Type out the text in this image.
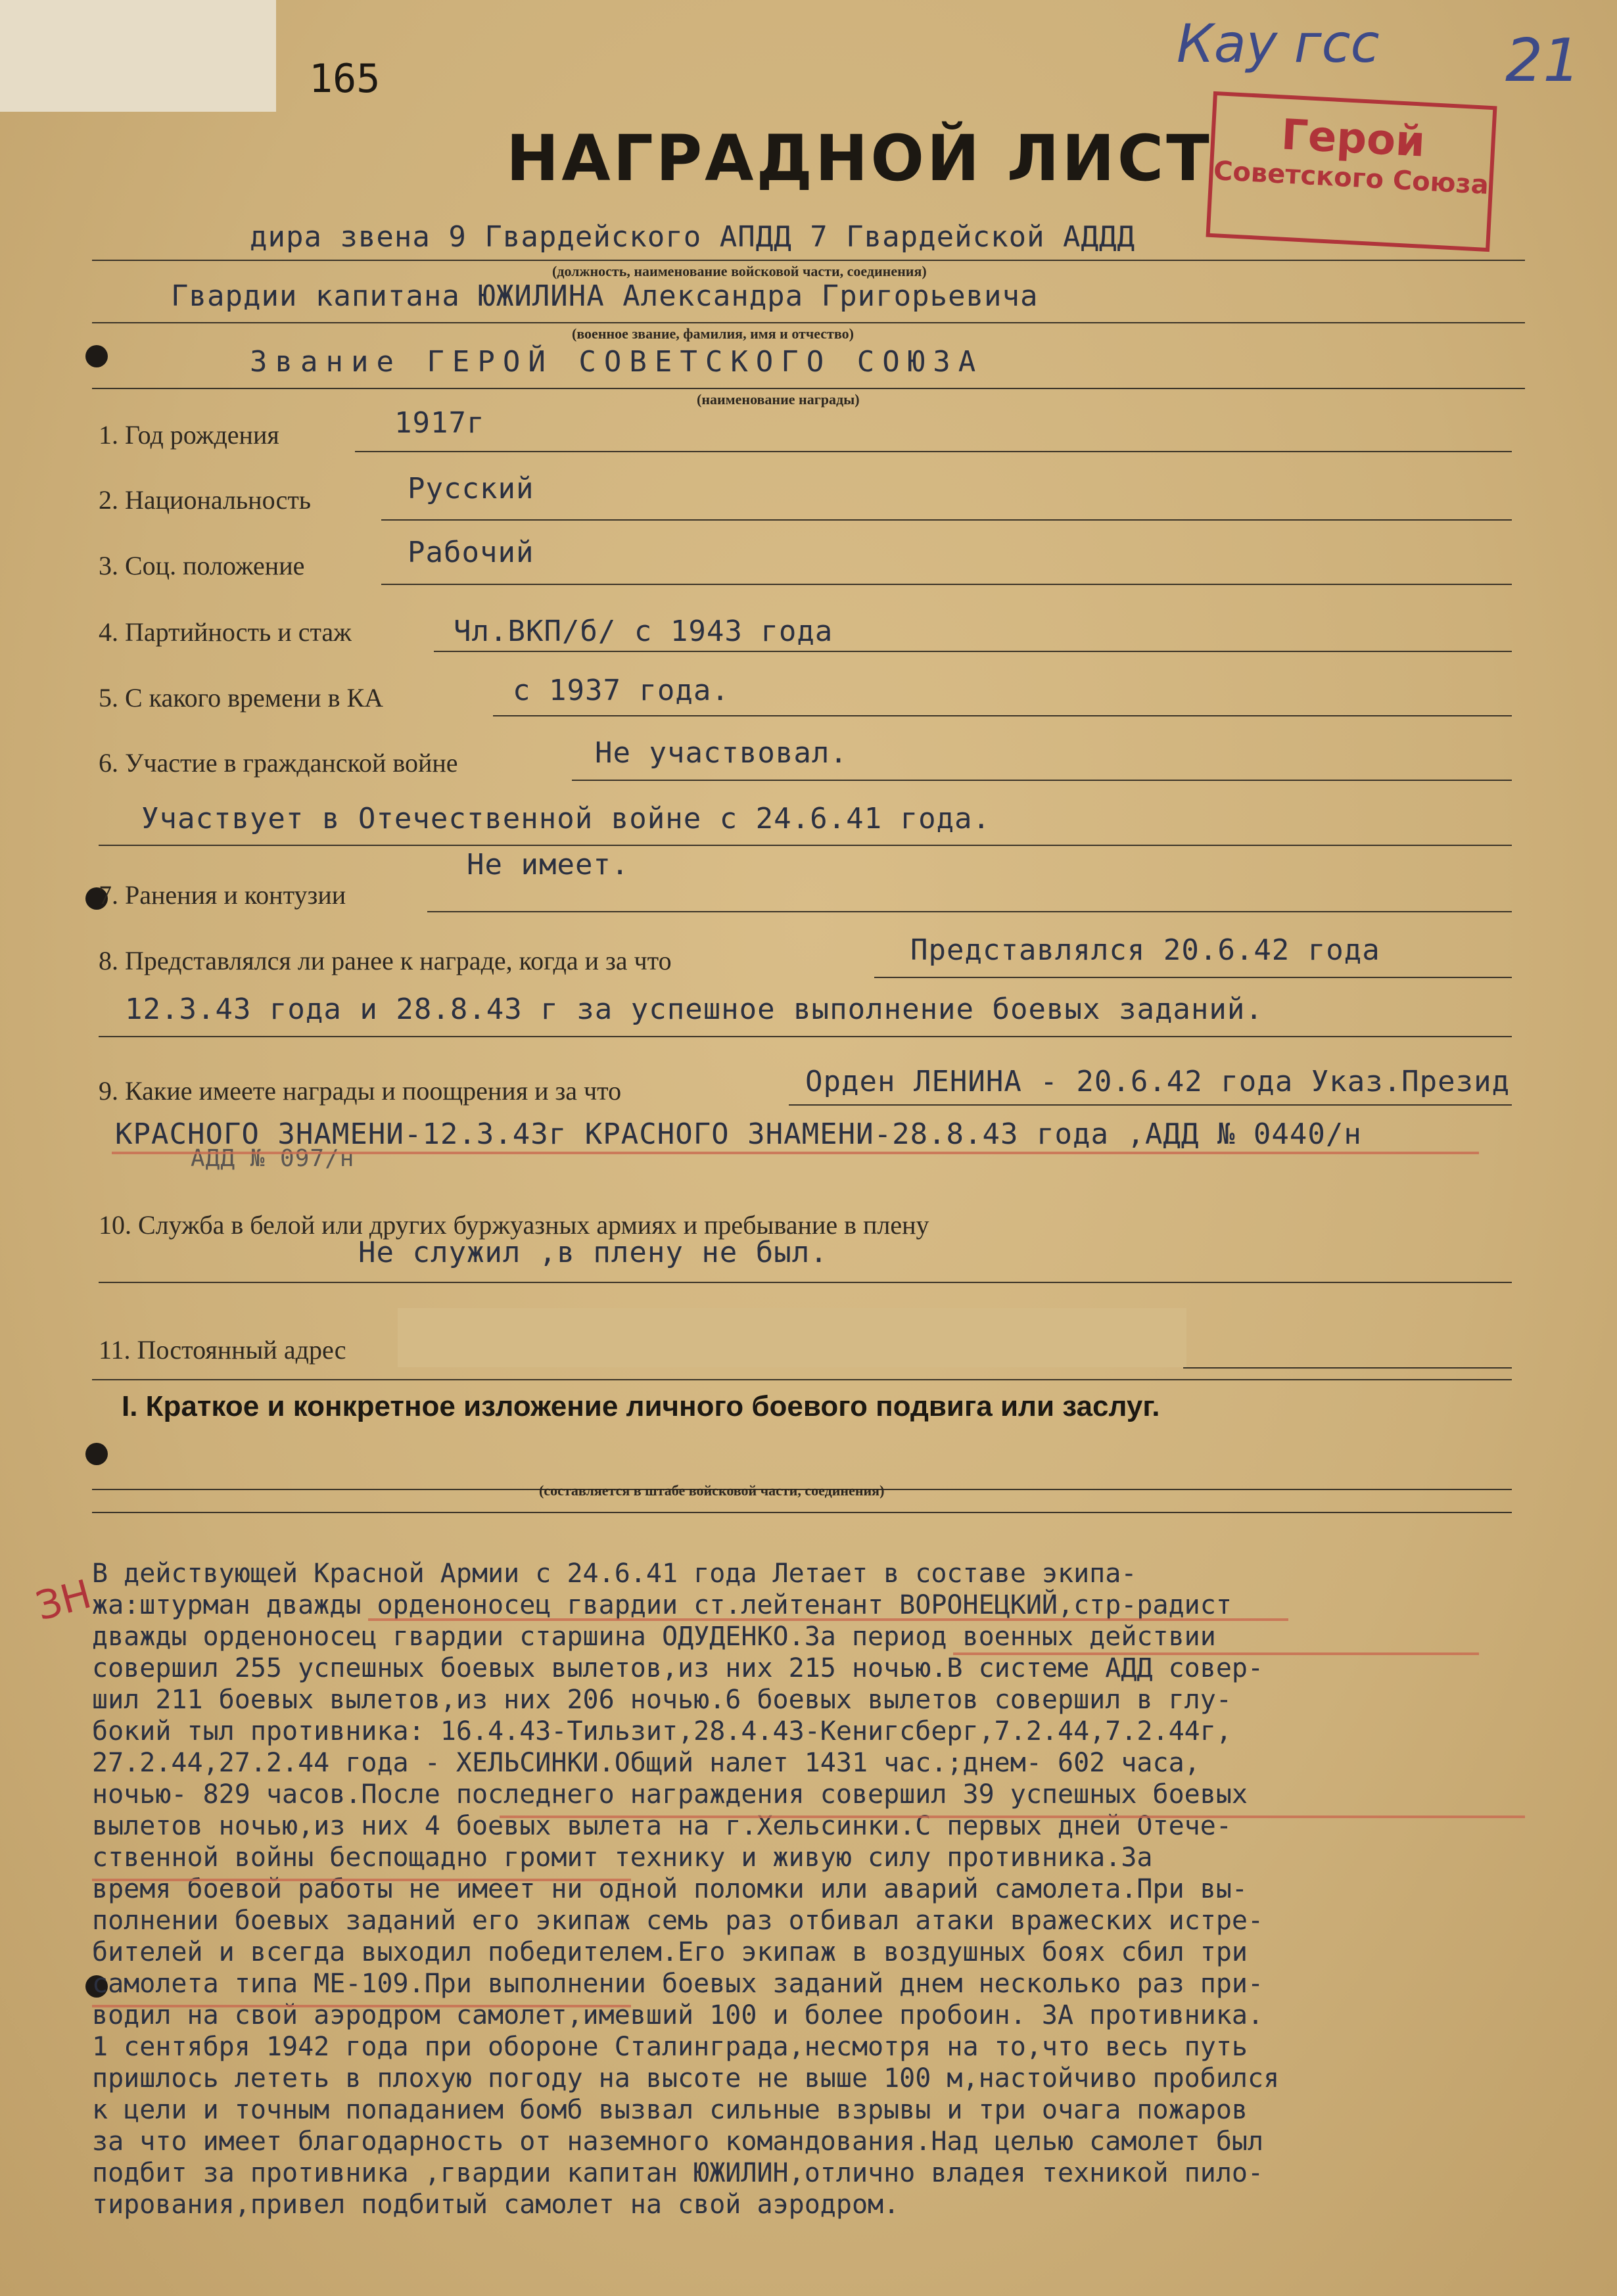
165
НАГРАДНОЙ ЛИСТ
Кау гсс 21
Герой
Советского Союза
дира звена 9 Гвардейского АПДД 7 Гвардейской АДДД
(должность, наименование войсковой части, соединения)
Гвардии капитана ЮЖИЛИНА Александра Григорьевича
(военное звание, фамилия, имя и отчество)
Звание ГЕРОЙ СОВЕТСКОГО СОЮЗА
(наименование награды)
1. Год рождения	1917г
2. Национальность	Русский
3. Соц. положение	Рабочий
4. Партийность и стаж	Чл.ВКП/б/ с 1943 года
5. С какого времени в КА	с 1937 года.
6. Участие в гражданской войне	Не участвовал.
Участвует в Отечественной войне с 24.6.41 года.
7. Ранения и контузии
Не имеет.
8. Представлялся ли ранее к награде, когда и за что	Представлялся 20.6.42 года
12.3.43 года и 28.8.43 г за успешное выполнение боевых заданий.
9. Какие имеете награды и поощрения и за что	Орден ЛЕНИНА - 20.6.42 года Указ.Презид
КРАСНОГО ЗНАМЕНИ-12.3.43г КРАСНОГО ЗНАМЕНИ-28.8.43 года ,АДД № 0440/н
АДД № 097/н
10. Служба в белой или других буржуазных армиях и пребывание в плену
Не служил ,в плену не был.
11. Постоянный адрес
I. Краткое и конкретное изложение личного боевого подвига или заслуг.
(составляется в штабе войсковой части, соединения)
ЗН
В действующей Красной Армии с 24.6.41 года Летает в составе экипа-
жа:штурман дважды орденоносец гвардии ст.лейтенант ВОРОНЕЦКИЙ,стр-радист
дважды орденоносец гвардии старшина ОДУДЕНКО.За период военных действии
совершил 255 успешных боевых вылетов,из них 215 ночью.В системе АДД совер-
шил 211 боевых вылетов,из них 206 ночью.6 боевых вылетов совершил в глу-
бокий тыл противника: 16.4.43-Тильзит,28.4.43-Кенигсберг,7.2.44,7.2.44г,
27.2.44,27.2.44 года - ХЕЛЬСИНКИ.Общий налет 1431 час.;днем- 602 часа,
ночью- 829 часов.После последнего награждения совершил 39 успешных боевых
вылетов ночью,из них 4 боевых вылета на г.Хельсинки.С первых дней Отече-
ственной войны беспощадно громит технику и живую силу противника.За
время боевой работы не имеет ни одной поломки или аварий самолета.При вы-
полнении боевых заданий его экипаж семь раз отбивал атаки вражеских истре-
бителей и всегда выходил победителем.Его экипаж в воздушных боях сбил три
самолета типа МЕ-109.При выполнении боевых заданий днем несколько раз при-
водил на свой аэродром самолет,имевший 100 и более пробоин. ЗА противника.
1 сентября 1942 года при обороне Сталинграда,несмотря на то,что весь путь
пришлось лететь в плохую погоду на высоте не выше 100 м,настойчиво пробился
к цели и точным попаданием бомб вызвал сильные взрывы и три очага пожаров
за что имеет благодарность от наземного командования.Над целью самолет был
подбит за противника ,гвардии капитан ЮЖИЛИН,отлично владея техникой пило-
тирования,привел подбитый самолет на свой аэродром.
